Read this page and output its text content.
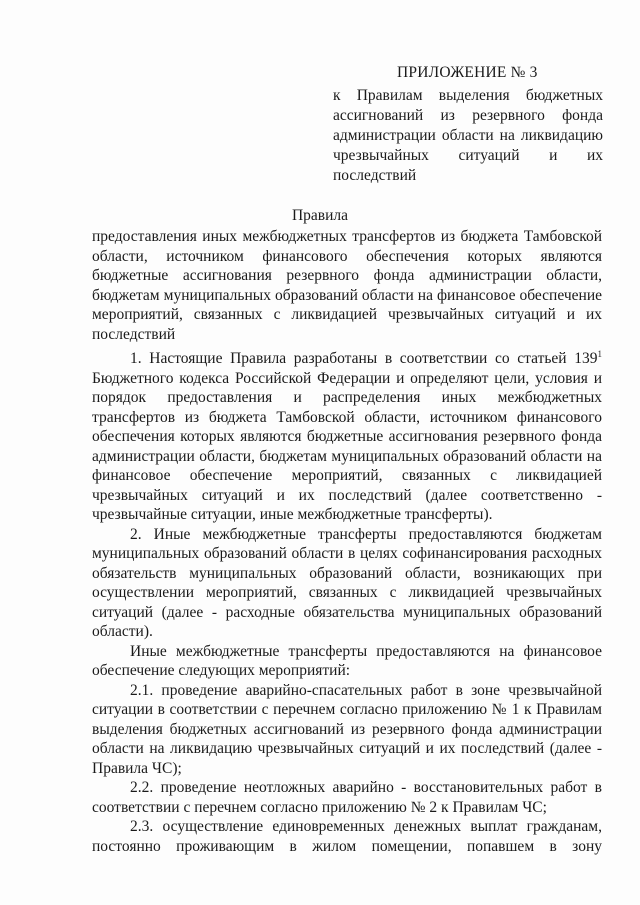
ПРИЛОЖЕНИЕ № 3
к Правилам выделения бюджетных ассигнований из резервного фонда администрации области на ликвидацию чрезвычайных ситуаций и их последствий
Правила
предоставления иных межбюджетных трансфертов из бюджета Тамбовской области, источником финансового обеспечения которых являются бюджетные ассигнования резервного фонда администрации области, бюджетам муниципальных образований области на финансовое обеспечение мероприятий, связанных с ликвидацией чрезвычайных ситуаций и их последствий

1. Настоящие Правила разработаны в соответствии со статьей $139^1$ Бюджетного кодекса Российской Федерации и определяют цели, условия и порядок предоставления и распределения иных межбюджетных трансфертов из бюджета Тамбовской области, источником финансового обеспечения которых являются бюджетные ассигнования резервного фонда администрации области, бюджетам муниципальных образований области на финансовое обеспечение мероприятий, связанных с ликвидацией чрезвычайных ситуаций и их последствий (далее соответственно - чрезвычайные ситуации, иные межбюджетные трансферты).

2. Иные межбюджетные трансферты предоставляются бюджетам муниципальных образований области в целях софинансирования расходных обязательств муниципальных образований области, возникающих при осуществлении мероприятий, связанных с ликвидацией чрезвычайных ситуаций (далее - расходные обязательства муниципальных образований области).

Иные межбюджетные трансферты предоставляются на финансовое обеспечение следующих мероприятий:

2.1. проведение аварийно-спасательных работ в зоне чрезвычайной ситуации в соответствии с перечнем согласно приложению № 1 к Правилам выделения бюджетных ассигнований из резервного фонда администрации области на ликвидацию чрезвычайных ситуаций и их последствий (далее - Правила ЧС);

2.2. проведение неотложных аварийно - восстановительных работ в соответствии с перечнем согласно приложению № 2 к Правилам ЧС;

2.3. осуществление единовременных денежных выплат гражданам, постоянно проживающим в жилом помещении, попавшем в зону
